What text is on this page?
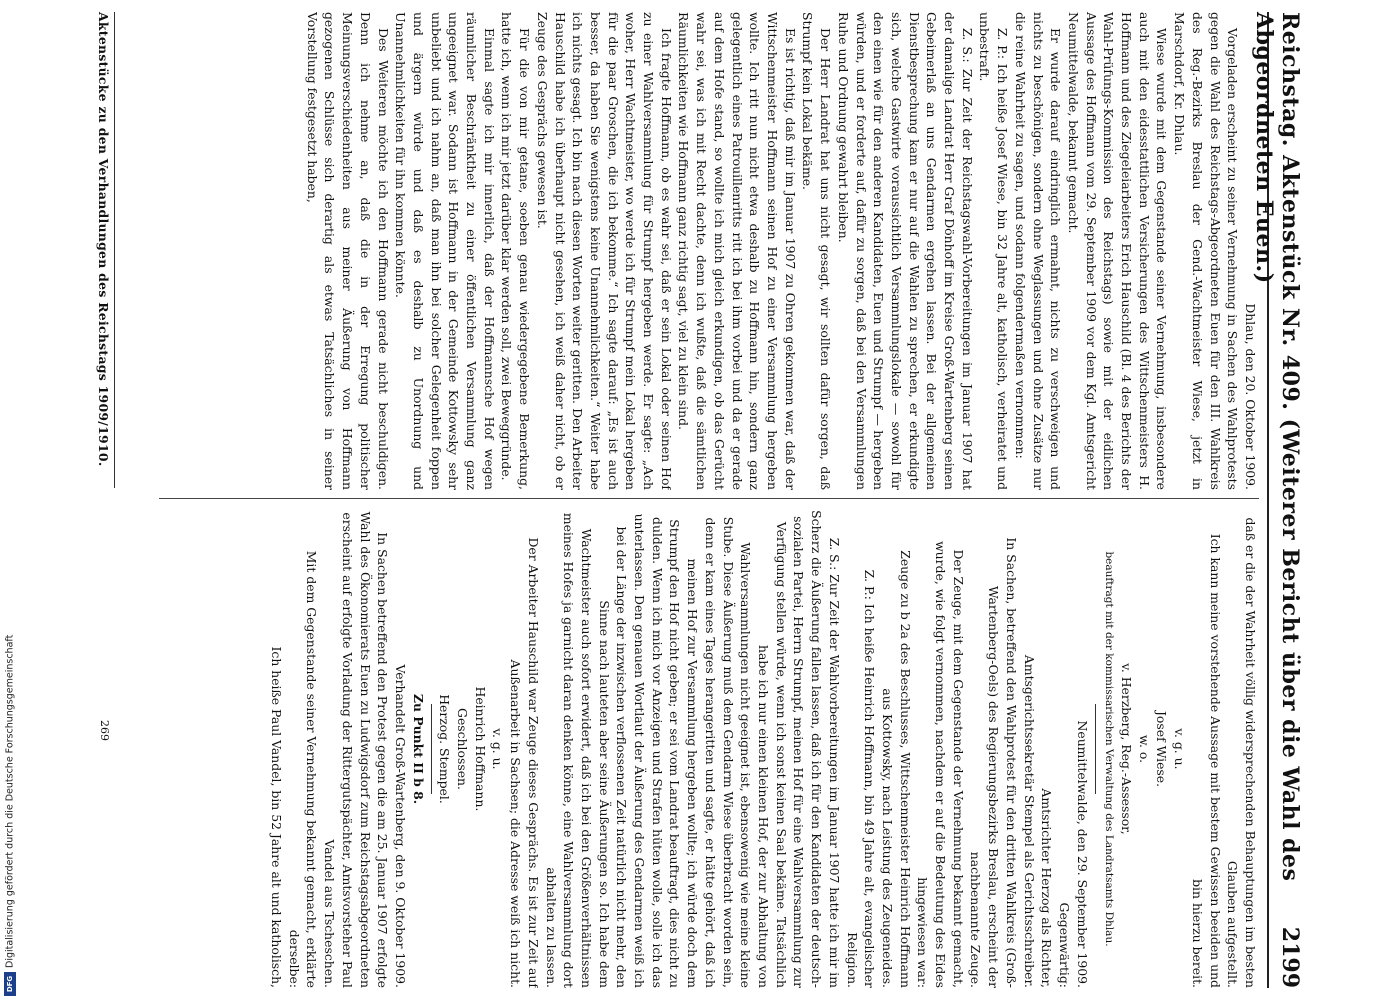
DFGDigitalisierung gefördert durch die Deutsche Forschungsgemeinschaft	Reichstag. Aktenstück Nr. 409. (Weiterer Bericht über die Wahl des Abgeordneten Euen.)
2199
Dhlau, den 20. Oktober 1909.
Vorgeladen erscheint zu seiner Vernehmung in Sachen des Wahlprotests gegen die Wahl des Reichstags-Abgeordneten Euen für den III. Wahlkreis des Reg.-Bezirks Breslau der Gend.-Wachtmeister Wiese, jetzt in Marschdorf, Kr. Dhlau.
Wiese wurde mit dem Gegenstande seiner Vernehmung, insbesondere auch mit den eidesstattlichen Versicherungen des Wittschenmeisters H. Hoffmann und des Ziegeleiarbeiters Erich Hauschild (Bl. 4 des Berichts der Wahl-Prüfungs-Kommission des Reichstags) sowie mit der eidlichen Aussage des Hoffmann vom 29. September 1909 vor dem Kgl. Amtsgericht Neumittelwalde, bekannt gemacht.
Er wurde darauf eindringlich ermahnt, nichts zu verschweigen und nichts zu beschönigen, sondern ohne Weglassungen und ohne Zusätze nur die reine Wahrheit zu sagen, und sodann folgendermaßen vernommen:
Z. P.: Ich heiße Josef Wiese, bin 32 Jahre alt, katholisch, verheiratet und unbestraft.
Z. S.: Zur Zeit der Reichstagswahl-Vorbereitungen im Januar 1907 hat der damalige Landrat Herr Graf Dönhoff im Kreise Groß-Wartenberg seinen Gebeimerlaß an uns Gendarmen ergehen lassen. Bei der allgemeinen Dienstbesprechung kam er nur auf die Wahlen zu sprechen, er erkundigte sich, welche Gastwirte voraussichtlich Versammlungslokale — sowohl für den einen wie für den anderen Kandidaten, Euen und Strumpf — hergeben würden, und er forderte auf, dafür zu sorgen, daß bei den Versammlungen Ruhe und Ordnung gewahrt bleiben.
Der Herr Landrat hat uns nicht gesagt, wir sollten dafür sorgen, daß Strumpf kein Lokal bekäme.
Es ist richtig, daß mir im Januar 1907 zu Ohren gekommen war, daß der Wittschenmeister Hoffmann seinen Hof zu einer Versammlung hergeben wollte. Ich ritt nun nicht etwa deshalb zu Hoffmann hin, sondern ganz gelegentlich eines Patrouillenritts ritt ich bei ihm vorbei und da er gerade auf dem Hofe stand, so wollte ich mich gleich erkundigen, ob das Gerücht wahr sei, was ich mit Recht dachte, denn ich wußte, daß die sämtlichen Räumlichkeiten wie Hoffmann ganz richtig sagt, viel zu klein sind.
Ich fragte Hoffmann, ob es wahr sei, daß er sein Lokal oder seinen Hof zu einer Wahlversammlung für Strumpf hergeben werde. Er sagte: „Ach woher, Herr Wachtmeister, wo werde ich für Strumpf mein Lokal hergeben für die paar Groschen, die ich bekomme.“ Ich sagte darauf: „Es ist auch besser, da haben Sie wenigstens keine Unannehmlichkeiten.“ Weiter habe ich nichts gesagt. Ich bin nach diesen Worten weiter geritten. Den Arbeiter Hauschild habe ich überhaupt nicht gesehen, ich weiß daher nicht, ob er Zeuge des Gesprächs gewesen ist.
Für die von mir getane, soeben genau wiedergegebene Bemerkung, hatte ich, wenn ich mir jetzt darüber klar werden soll, zwei Beweggründe.
Einmal sagte ich mir innerlich, daß der Hoffmannsche Hof wegen räumlicher Beschränktheit zu einer öffentlichen Versammlung ganz ungeeignet war. Sodann ist Hoffmann in der Gemeinde Kottowsky sehr unbeliebt und ich nahm an, daß man ihn bei solcher Gelegenheit foppen und ärgern würde und daß es deshalb zu Unordnung und Unannehmlichkeiten für ihn kommen könnte.
Des Weiteren möchte ich den Hoffmann gerade nicht beschuldigen. Denn ich nehme an, daß die in der Erregung politischer Meinungsverschiedenheiten aus meiner Äußerung von Hoffmann gezogenen Schlüsse sich derartig als etwas Tatsächliches in seiner Vorstellung festgesetzt haben,
daß er die der Wahrheit völlig widersprechenden Behauptungen im besten Glauben aufgestellt.
Ich kann meine vorstehende Aussage mit bestem Gewissen beeiden und bin hierzu bereit.
v. g. u.
Josef Wiese.
w. o.
v. Herzberg, Reg.-Assessor,
beauftragt mit der kommissarischen Verwaltung des Landratsamts Dhlau.
Neumittelwalde, den 29. September 1909.
Gegenwärtig:
Amtsrichter Herzog als Richter,
Amtsgerichtssekretär Stempel als Gerichtsschreiber.
In Sachen, betreffend den Wahlprotest für den dritten Wahlkreis (Groß-Wartenberg-Oels) des Regierungsbezirks Breslau, erscheint der nachbenannte Zeuge.
Der Zeuge, mit dem Gegenstande der Vernehmung bekannt gemacht, wurde, wie folgt vernommen, nachdem er auf die Bedeutung des Eides hingewiesen war:
Zeuge zu b 2a des Beschlusses, Wittschenmeister Heinrich Hoffmann aus Kottowsky, nach Leistung des Zeugeneides.
Z. P.: Ich heiße Heinrich Hoffmann, bin 49 Jahre alt, evangelischer Religion.
Z. S.: Zur Zeit der Wahlvorbereitungen im Januar 1907 hatte ich mir im Scherz die Äußerung fallen lassen, daß ich für den Kandidaten der deutsch-sozialen Partei, Herrn Strumpf, meinen Hof für eine Wahlversammlung zur Verfügung stellen würde, wenn ich sonst keinen Saal bekäme. Tatsächlich habe ich nur einen kleinen Hof, der zur Abhaltung von Wahlversammlungen nicht geeignet ist, ebensowenig wie meine kleine Stube. Diese Äußerung muß dem Gendarm Wiese überbracht worden sein, denn er kam eines Tages herangeritten und sagte, er hätte gehört, daß ich meinen Hof zur Versammlung hergeben wollte; ich würde doch dem Strumpf den Hof nicht geben; er sei vom Landrat beauftragt, dies nicht zu dulden. Wenn ich mich vor Anzeigen und Strafen hüten wolle, solle ich das unterlassen. Den genauen Wortlaut der Äußerung des Gendarmen weiß ich bei der Länge der inzwischen verflossenen Zeit natürlich nicht mehr, den Sinne nach lauteten aber seine Äußerungen so. Ich habe dem Wachtmeister auch sofort erwidert, daß ich bei den Größenverhältnissen meines Hofes ja garnicht daran denken könne, eine Wahlversammlung dort abhalten zu lassen.
Der Arbeiter Hauschild war Zeuge dieses Gesprächs. Es ist zur Zeit auf Außenarbeit in Sachsen; die Adresse weiß ich nicht.
v. g. u.
Heinrich Hoffmann.
Geschlossen.
Herzog. Stempel.
Zu Punkt II b 8.
Verhandelt Groß-Wartenberg, den 9. Oktober 1909.
In Sachen betreffend den Protest gegen die am 25. Januar 1907 erfolgte Wahl des Ökonomierats Euen zu Ludwigsdorf zum Reichstagsabgeordneten erscheint auf erfolgte Vorladung der Rittergutspächter, Amtsvorsteher Paul Vandel aus Tscheschen.
Mit dem Gegenstande seiner Vernehmung bekannt gemacht, erklärte derselbe:
Ich heiße Paul Vandel, bin 52 Jahre alt und katholisch,
Aktenstücke zu den Verhandlungen des Reichstags 1909/1910.
269
